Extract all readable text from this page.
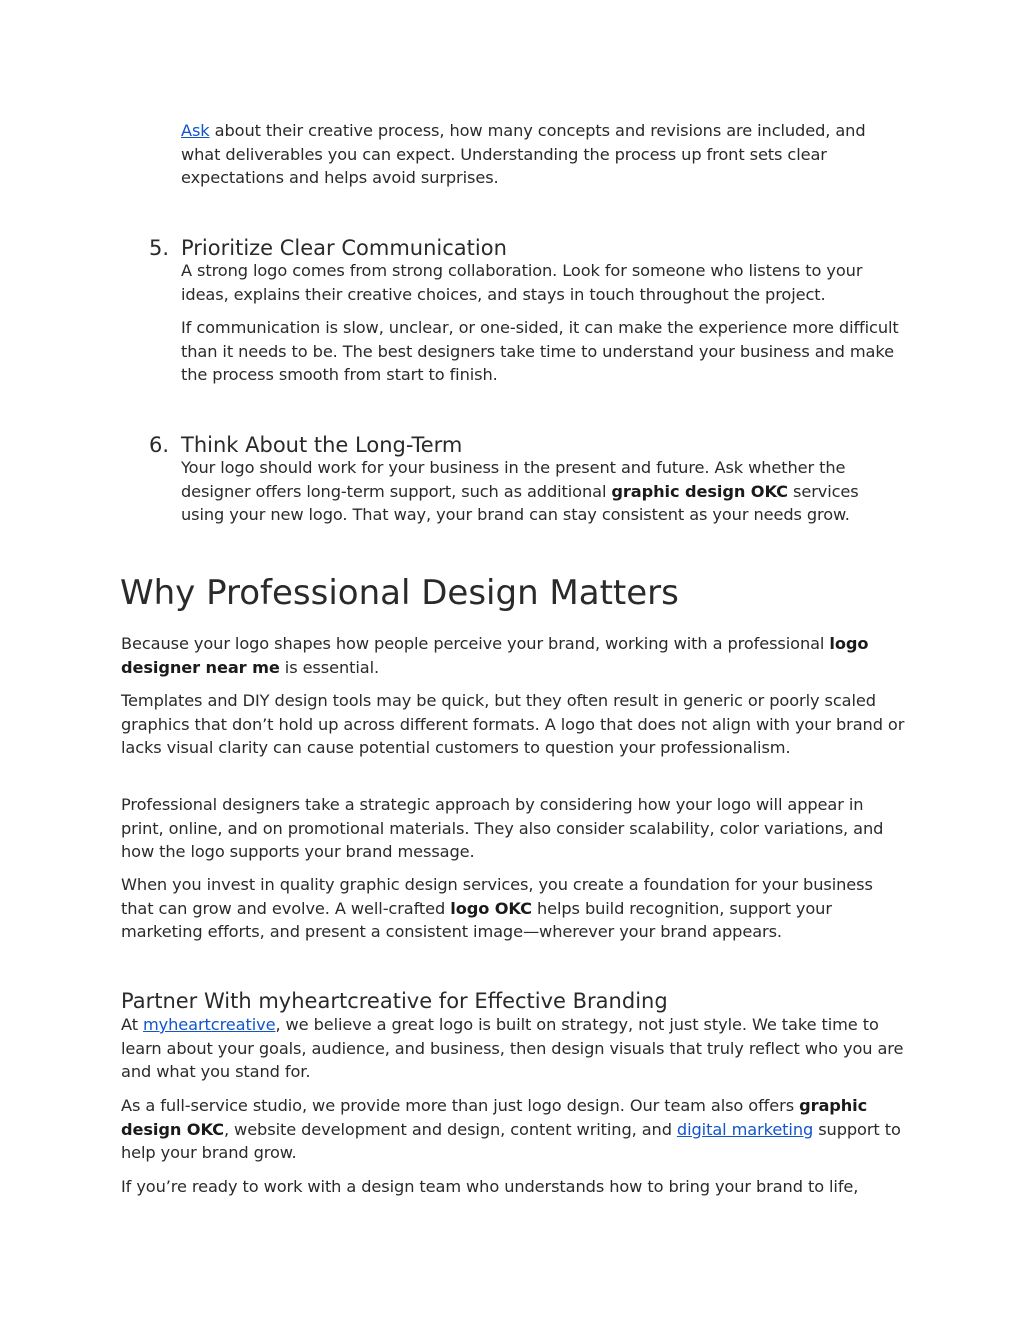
Ask about their creative process, how many concepts and revisions are included, and what deliverables you can expect. Understanding the process up front sets clear expectations and helps avoid surprises.

5. Prioritize Clear Communication

A strong logo comes from strong collaboration. Look for someone who listens to your ideas, explains their creative choices, and stays in touch throughout the project.

If communication is slow, unclear, or one-sided, it can make the experience more difficult than it needs to be. The best designers take time to understand your business and make the process smooth from start to finish.

6. Think About the Long-Term

Your logo should work for your business in the present and future. Ask whether the designer offers long-term support, such as additional graphic design OKC services using your new logo. That way, your brand can stay consistent as your needs grow.

Why Professional Design Matters

Because your logo shapes how people perceive your brand, working with a professional logo designer near me is essential.

Templates and DIY design tools may be quick, but they often result in generic or poorly scaled graphics that don’t hold up across different formats. A logo that does not align with your brand or lacks visual clarity can cause potential customers to question your professionalism.

Professional designers take a strategic approach by considering how your logo will appear in print, online, and on promotional materials. They also consider scalability, color variations, and how the logo supports your brand message.

When you invest in quality graphic design services, you create a foundation for your business that can grow and evolve. A well-crafted logo OKC helps build recognition, support your marketing efforts, and present a consistent image—wherever your brand appears.

Partner With myheartcreative for Effective Branding

At myheartcreative, we believe a great logo is built on strategy, not just style. We take time to learn about your goals, audience, and business, then design visuals that truly reflect who you are and what you stand for.

As a full-service studio, we provide more than just logo design. Our team also offers graphic design OKC, website development and design, content writing, and digital marketing support to help your brand grow.

If you’re ready to work with a design team who understands how to bring your brand to life,
